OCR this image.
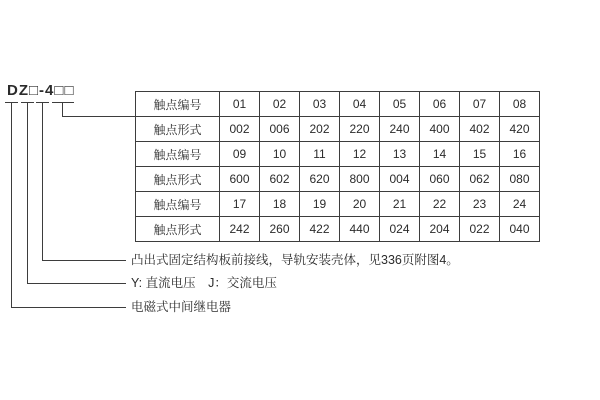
DZ□-4□□
触点编号	01	02	03	04	05	06	07	08
触点形式	002	006	202	220	240	400	402	420
触点编号	09	10	11	12	13	14	15	16
触点形式	600	602	620	800	004	060	062	080
触点编号	17	18	19	20	21	22	23	24
触点形式	242	260	422	440	024	204	022	040
凸出式固定结构板前接线，导轨安装壳体，见336页附图4。
Y: 直流电压　J：交流电压
电磁式中间继电器
